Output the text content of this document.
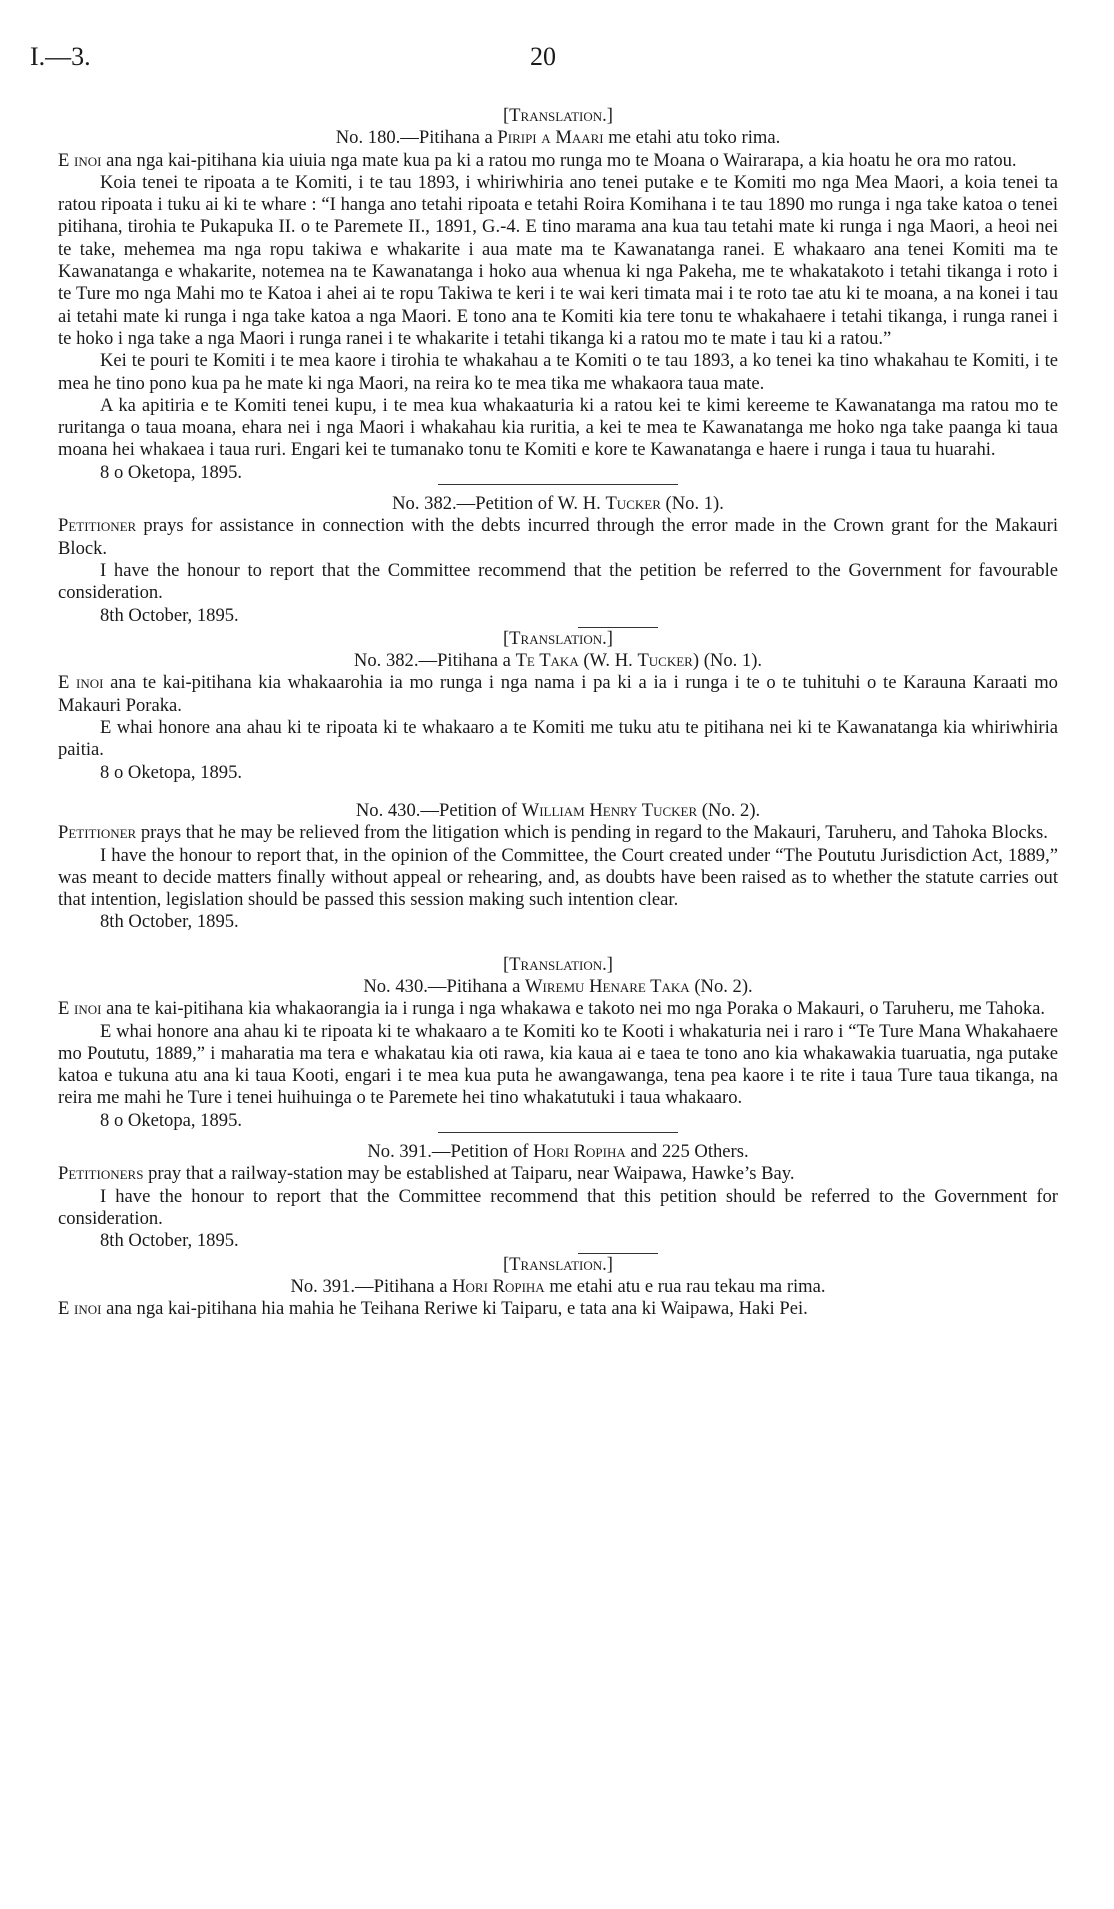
I.—3.	20

[Translation.]

No. 180.—Pitihana a Piripi a Maari me etahi atu toko rima.

E inoi ana nga kai-pitihana kia uiuia nga mate kua pa ki a ratou mo runga mo te Moana o Wairarapa, a kia hoatu he ora mo ratou.

Koia tenei te ripoata a te Komiti, i te tau 1893, i whiriwhiria ano tenei putake e te Komiti mo nga Mea Maori, a koia tenei ta ratou ripoata i tuku ai ki te whare : “I hanga ano tetahi ripoata e tetahi Roira Komihana i te tau 1890 mo runga i nga take katoa o tenei pitihana, tirohia te Pukapuka II. o te Paremete II., 1891, G.-4. E tino marama ana kua tau tetahi mate ki runga i nga Maori, a heoi nei te take, mehemea ma nga ropu takiwa e whakarite i aua mate ma te Kawanatanga ranei. E whakaaro ana tenei Komiti ma te Kawanatanga e whakarite, notemea na te Kawanatanga i hoko aua whenua ki nga Pakeha, me te whakatakoto i tetahi tikanga i roto i te Ture mo nga Mahi mo te Katoa i ahei ai te ropu Takiwa te keri i te wai keri timata mai i te roto tae atu ki te moana, a na konei i tau ai tetahi mate ki runga i nga take katoa a nga Maori. E tono ana te Komiti kia tere tonu te whakahaere i tetahi tikanga, i runga ranei i te hoko i nga take a nga Maori i runga ranei i te whakarite i tetahi tikanga ki a ratou mo te mate i tau ki a ratou.”

Kei te pouri te Komiti i te mea kaore i tirohia te whakahau a te Komiti o te tau 1893, a ko tenei ka tino whakahau te Komiti, i te mea he tino pono kua pa he mate ki nga Maori, na reira ko te mea tika me whakaora taua mate.

A ka apitiria e te Komiti tenei kupu, i te mea kua whakaaturia ki a ratou kei te kimi kereeme te Kawanatanga ma ratou mo te ruritanga o taua moana, ehara nei i nga Maori i whakahau kia ruritia, a kei te mea te Kawanatanga me hoko nga take paanga ki taua moana hei whakaea i taua ruri. Engari kei te tumanako tonu te Komiti e kore te Kawanatanga e haere i runga i taua tu huarahi.

8 o Oketopa, 1895.

No. 382.—Petition of W. H. Tucker (No. 1).

Petitioner prays for assistance in connection with the debts incurred through the error made in the Crown grant for the Makauri Block.

I have the honour to report that the Committee recommend that the petition be referred to the Government for favourable consideration.

8th October, 1895.

[Translation.]

No. 382.—Pitihana a Te Taka (W. H. Tucker) (No. 1).

E inoi ana te kai-pitihana kia whakaarohia ia mo runga i nga nama i pa ki a ia i runga i te o te tuhituhi o te Karauna Karaati mo Makauri Poraka.

E whai honore ana ahau ki te ripoata ki te whakaaro a te Komiti me tuku atu te pitihana nei ki te Kawanatanga kia whiriwhiria paitia.

8 o Oketopa, 1895.

No. 430.—Petition of William Henry Tucker (No. 2).

Petitioner prays that he may be relieved from the litigation which is pending in regard to the Makauri, Taruheru, and Tahoka Blocks.

I have the honour to report that, in the opinion of the Committee, the Court created under “The Poututu Jurisdiction Act, 1889,” was meant to decide matters finally without appeal or rehearing, and, as doubts have been raised as to whether the statute carries out that intention, legislation should be passed this session making such intention clear.

8th October, 1895.

[Translation.]

No. 430.—Pitihana a Wiremu Henare Taka (No. 2).

E inoi ana te kai-pitihana kia whakaorangia ia i runga i nga whakawa e takoto nei mo nga Poraka o Makauri, o Taruheru, me Tahoka.

E whai honore ana ahau ki te ripoata ki te whakaaro a te Komiti ko te Kooti i whakaturia nei i raro i “Te Ture Mana Whakahaere mo Poututu, 1889,” i maharatia ma tera e whakatau kia oti rawa, kia kaua ai e taea te tono ano kia whakawakia tuaruatia, nga putake katoa e tukuna atu ana ki taua Kooti, engari i te mea kua puta he awangawanga, tena pea kaore i te rite i taua Ture taua tikanga, na reira me mahi he Ture i tenei huihuinga o te Paremete hei tino whakatutuki i taua whakaaro.

8 o Oketopa, 1895.

No. 391.—Petition of Hori Ropiha and 225 Others.

Petitioners pray that a railway-station may be established at Taiparu, near Waipawa, Hawke’s Bay.

I have the honour to report that the Committee recommend that this petition should be referred to the Government for consideration.

8th October, 1895.

[Translation.]

No. 391.—Pitihana a Hori Ropiha me etahi atu e rua rau tekau ma rima.

E inoi ana nga kai-pitihana hia mahia he Teihana Reriwe ki Taiparu, e tata ana ki Waipawa, Haki Pei.
